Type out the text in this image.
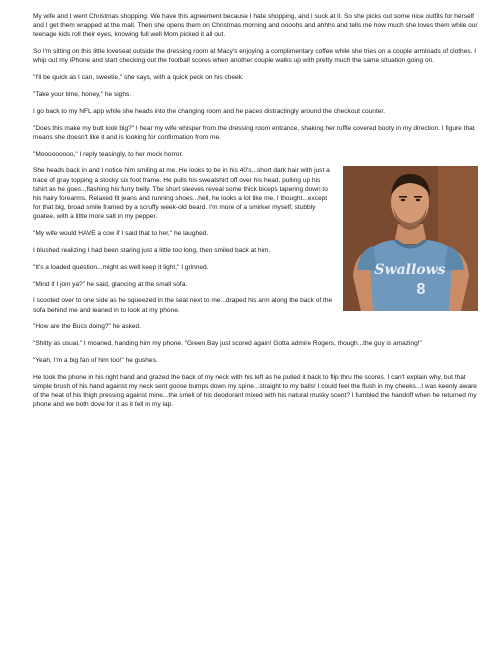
My wife and I went Christmas shopping. We have this agreement because I hate shopping, and I suck at it. So she picks out some nice outfits for herself and I get them wrapped at the mall. Then she opens them on Christmas morning and oooohs and ahhhs and tells me how much she loves them while our teenage kids roll their eyes, knowing full well Mom picked it all out.

So I'm sitting on this little loveseat outside the dressing room at Macy's enjoying a complimentary coffee while she tries on a couple armloads of clothes. I whip out my iPhone and start checking out the football scores when another couple walks up with pretty much the same situation going on.

"I'll be quick as I can, sweetie," she says, with a quick peck on his cheek.

"Take your time, honey," he sighs.

I go back to my NFL app while she heads into the changing room and he paces distractingly around the checkout counter.

"Does this make my butt look big?" I hear my wife whisper from the dressing room entrance, shaking her ruffle covered booty in my direction. I figure that means she doesn't like it and is looking for confirmation from me.

"Mooooooooo," I reply teasingly, to her mock horror.

Swallows
8

She heads back in and I notice him smiling at me. He looks to be in his 40's...short dark hair with just a trace of gray topping a stocky six foot frame. He pulls his sweatshirt off over his head, pulling up his tshirt as he goes...flashing his furry belly. The short sleeves reveal some thick biceps tapering down to his hairy forearms. Relaxed fit jeans and running shoes...hell, he looks a lot like me, I thought...except for that big, broad smile framed by a scruffy week-old beard. I'm more of a smirker myself, stubbly goatee, with a little more salt in my pepper.

"My wife would HAVE a cow if I said that to her," he laughed.

I blushed realizing I had been staring just a little too long, then smiled back at him.

"It's a loaded question...might as well keep it light," I grinned.

"Mind if I join ya?" he said, glancing at the small sofa.

I scooted over to one side as he squeezed in the seat next to me...draped his arm along the back of the sofa behind me and leaned in to look at my phone.

"How are the Bucs doing?" he asked.

"Shitty as usual," I moaned, handing him my phone. "Green Bay just scored again! Gotta admire Rogers, though...the guy is amazing!"

"Yeah, I'm a big fan of him too!" he gushes.

He took the phone in his right hand and grazed the back of my neck with his left as he pulled it back to flip thru the scores. I can't explain why, but that simple brush of his hand against my neck sent goose bumps down my spine...straight to my balls! I could feel the flush in my cheeks...I was keenly aware of the heat of his thigh pressing against mine...the smell of his deodorant mixed with his natural musky scent? I fumbled the handoff when he returned my phone and we both dove for it as it fell in my lap.
